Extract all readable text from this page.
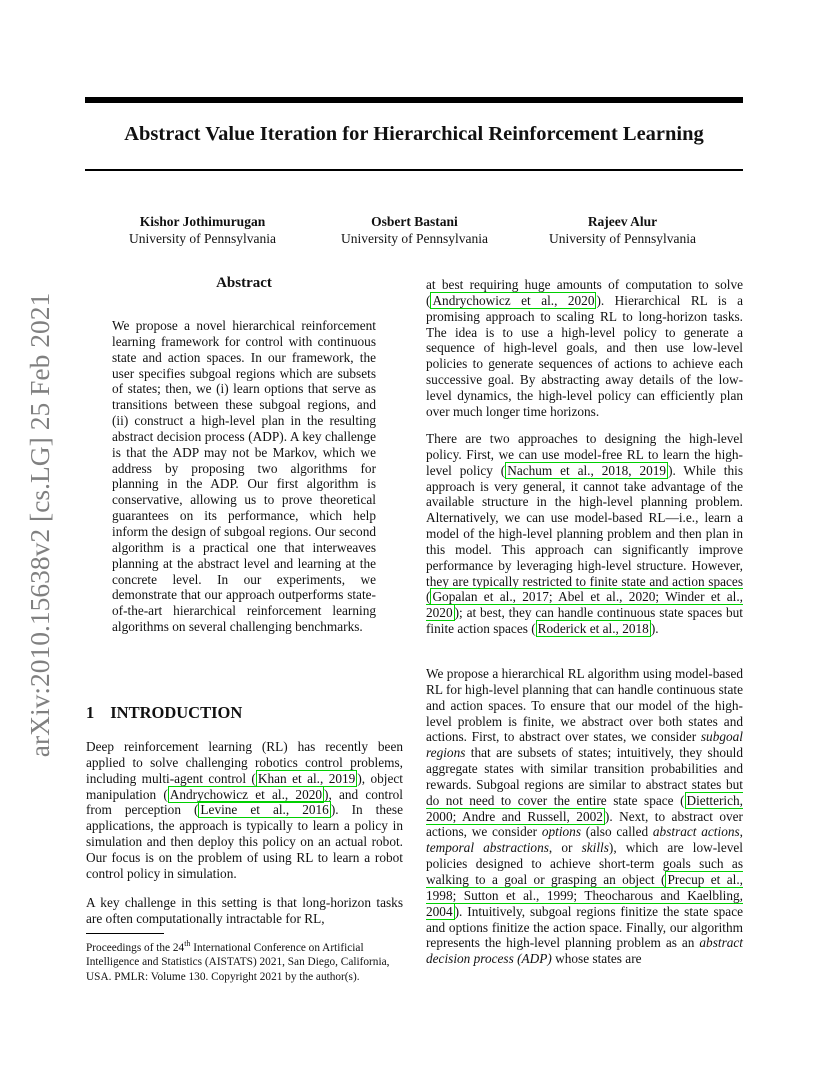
Abstract Value Iteration for Hierarchical Reinforcement Learning
arXiv:2010.15638v2 [cs.LG] 25 Feb 2021
Kishor Jothimurugan
University of Pennsylvania
Osbert Bastani
University of Pennsylvania
Rajeev Alur
University of Pennsylvania
Abstract

We propose a novel hierarchical reinforcement learning framework for control with continuous state and action spaces. In our framework, the user specifies subgoal regions which are subsets of states; then, we (i) learn options that serve as transitions between these subgoal regions, and (ii) construct a high-level plan in the resulting abstract decision process (ADP). A key challenge is that the ADP may not be Markov, which we address by proposing two algorithms for planning in the ADP. Our first algorithm is conservative, allowing us to prove theoretical guarantees on its performance, which help inform the design of subgoal regions. Our second algorithm is a practical one that interweaves planning at the abstract level and learning at the concrete level. In our experiments, we demonstrate that our approach outperforms state-of-the-art hierarchical reinforcement learning algorithms on several challenging benchmarks.

1 INTRODUCTION

Deep reinforcement learning (RL) has recently been applied to solve challenging robotics control problems, including multi-agent control ( Khan et al., 2019 ), object manipulation ( Andrychowicz et al., 2020 ), and control from perception ( Levine et al., 2016 ). In these applications, the approach is typically to learn a policy in simulation and then deploy this policy on an actual robot. Our focus is on the problem of using RL to learn a robot control policy in simulation.

A key challenge in this setting is that long-horizon tasks are often computationally intractable for RL,

Proceedings of the 24th International Conference on Artificial Intelligence and Statistics (AISTATS) 2021, San Diego, California, USA. PMLR: Volume 130. Copyright 2021 by the author(s).

at best requiring huge amounts of computation to solve ( Andrychowicz et al., 2020 ). Hierarchical RL is a promising approach to scaling RL to long-horizon tasks. The idea is to use a high-level policy to generate a sequence of high-level goals, and then use low-level policies to generate sequences of actions to achieve each successive goal. By abstracting away details of the low-level dynamics, the high-level policy can efficiently plan over much longer time horizons.

There are two approaches to designing the high-level policy. First, we can use model-free RL to learn the high-level policy ( Nachum et al., 2018, 2019 ). While this approach is very general, it cannot take advantage of the available structure in the high-level planning problem. Alternatively, we can use model-based RL—i.e., learn a model of the high-level planning problem and then plan in this model. This approach can significantly improve performance by leveraging high-level structure. However, they are typically restricted to finite state and action spaces ( Gopalan et al., 2017; Abel et al., 2020; Winder et al., 2020 ); at best, they can handle continuous state spaces but finite action spaces ( Roderick et al., 2018 ).

We propose a hierarchical RL algorithm using model-based RL for high-level planning that can handle continuous state and action spaces. To ensure that our model of the high-level problem is finite, we abstract over both states and actions. First, to abstract over states, we consider subgoal regions that are subsets of states; intuitively, they should aggregate states with similar transition probabilities and rewards. Subgoal regions are similar to abstract states but do not need to cover the entire state space ( Dietterich, 2000; Andre and Russell, 2002 ). Next, to abstract over actions, we consider options (also called abstract actions, temporal abstractions, or skills), which are low-level policies designed to achieve short-term goals such as walking to a goal or grasping an object ( Precup et al., 1998; Sutton et al., 1999; Theocharous and Kaelbling, 2004 ). Intuitively, subgoal regions finitize the state space and options finitize the action space. Finally, our algorithm represents the high-level planning problem as an abstract decision process (ADP) whose states are
